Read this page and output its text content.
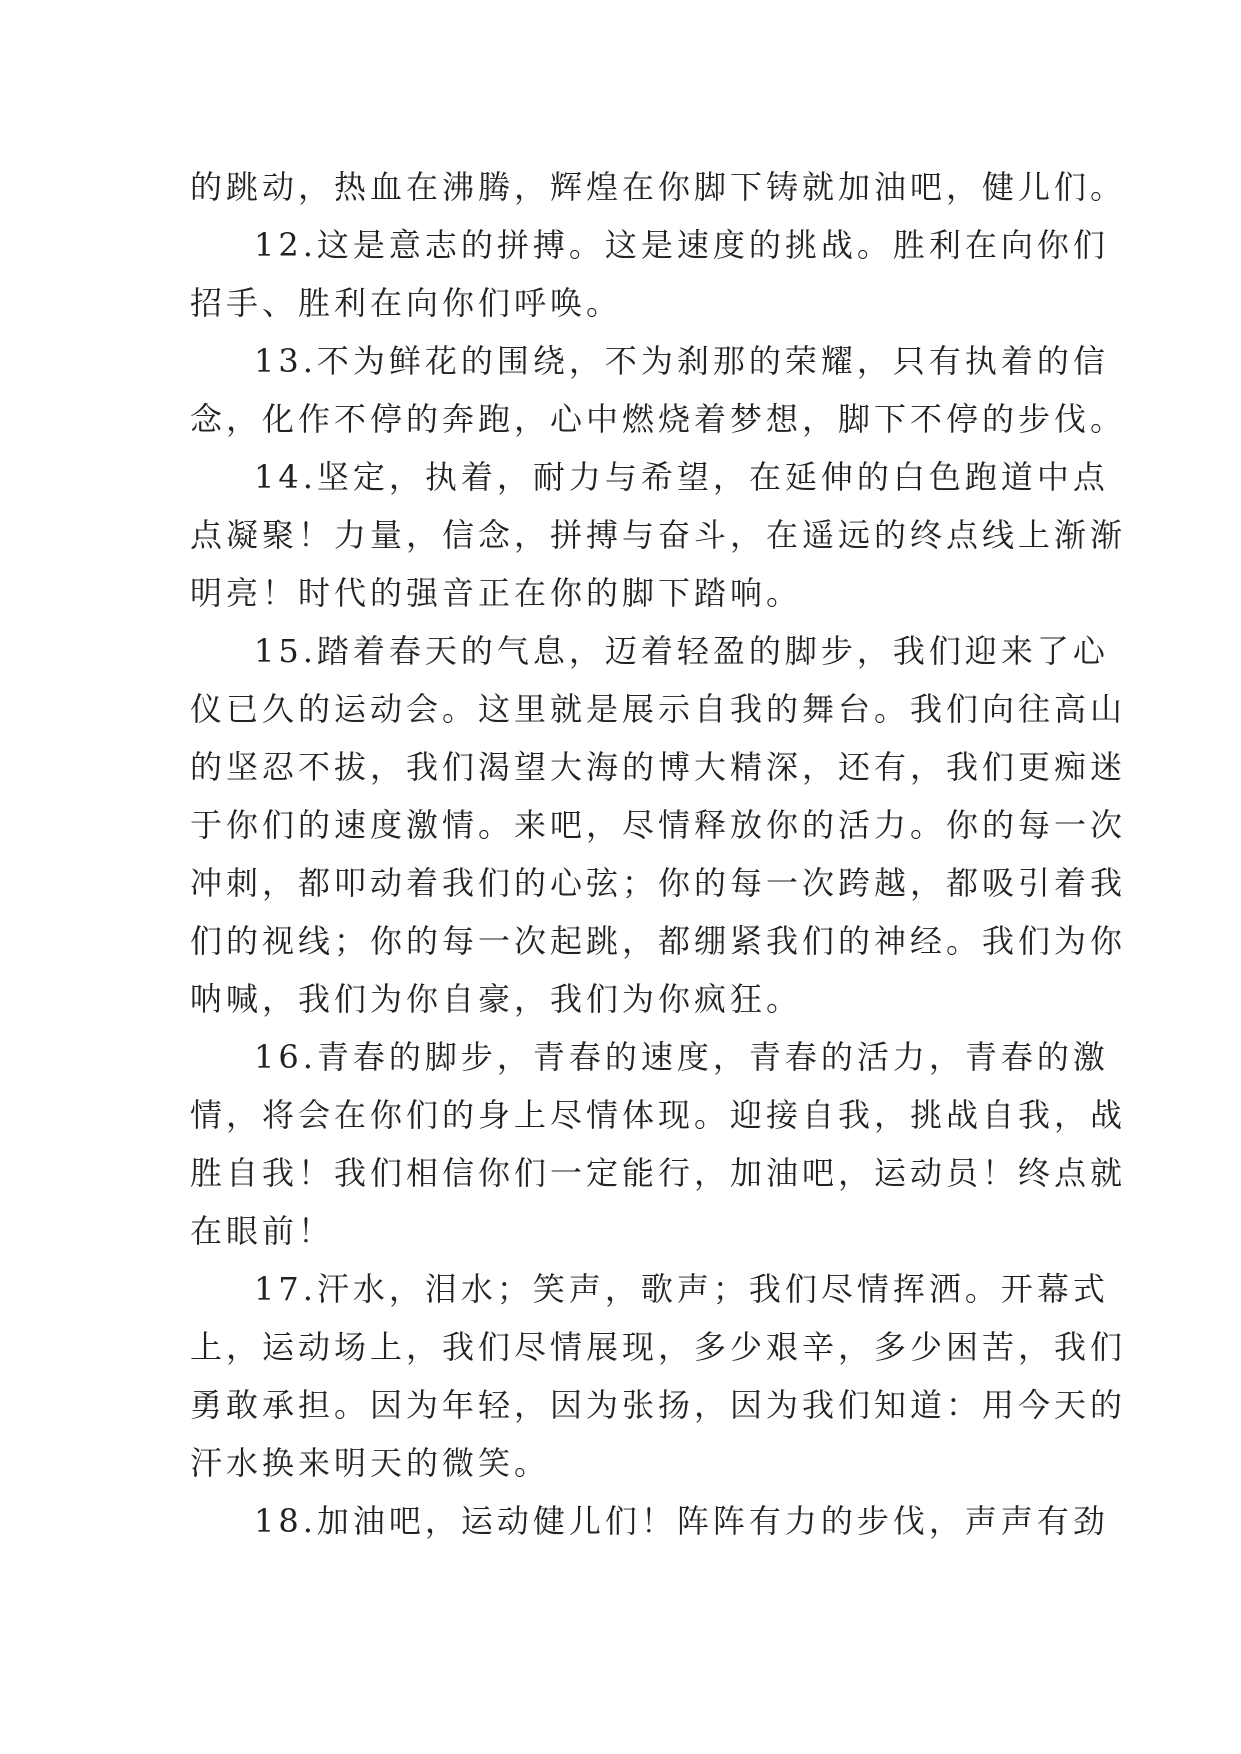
的跳动，热血在沸腾，辉煌在你脚下铸就加油吧，健儿们。
12.这是意志的拼搏。这是速度的挑战。胜利在向你们
招手、胜利在向你们呼唤。
13.不为鲜花的围绕，不为刹那的荣耀，只有执着的信
念，化作不停的奔跑，心中燃烧着梦想，脚下不停的步伐。
14.坚定，执着，耐力与希望，在延伸的白色跑道中点
点凝聚！力量，信念，拼搏与奋斗，在遥远的终点线上渐渐
明亮！时代的强音正在你的脚下踏响。
15.踏着春天的气息，迈着轻盈的脚步，我们迎来了心
仪已久的运动会。这里就是展示自我的舞台。我们向往高山
的坚忍不拔，我们渴望大海的博大精深，还有，我们更痴迷
于你们的速度激情。来吧，尽情释放你的活力。你的每一次
冲刺，都叩动着我们的心弦；你的每一次跨越，都吸引着我
们的视线；你的每一次起跳，都绷紧我们的神经。我们为你
呐喊，我们为你自豪，我们为你疯狂。
16.青春的脚步，青春的速度，青春的活力，青春的激
情，将会在你们的身上尽情体现。迎接自我，挑战自我，战
胜自我！我们相信你们一定能行，加油吧，运动员！终点就
在眼前！
17.汗水，泪水；笑声，歌声；我们尽情挥洒。开幕式
上，运动场上，我们尽情展现，多少艰辛，多少困苦，我们
勇敢承担。因为年轻，因为张扬，因为我们知道：用今天的
汗水换来明天的微笑。
18.加油吧，运动健儿们！阵阵有力的步伐，声声有劲
